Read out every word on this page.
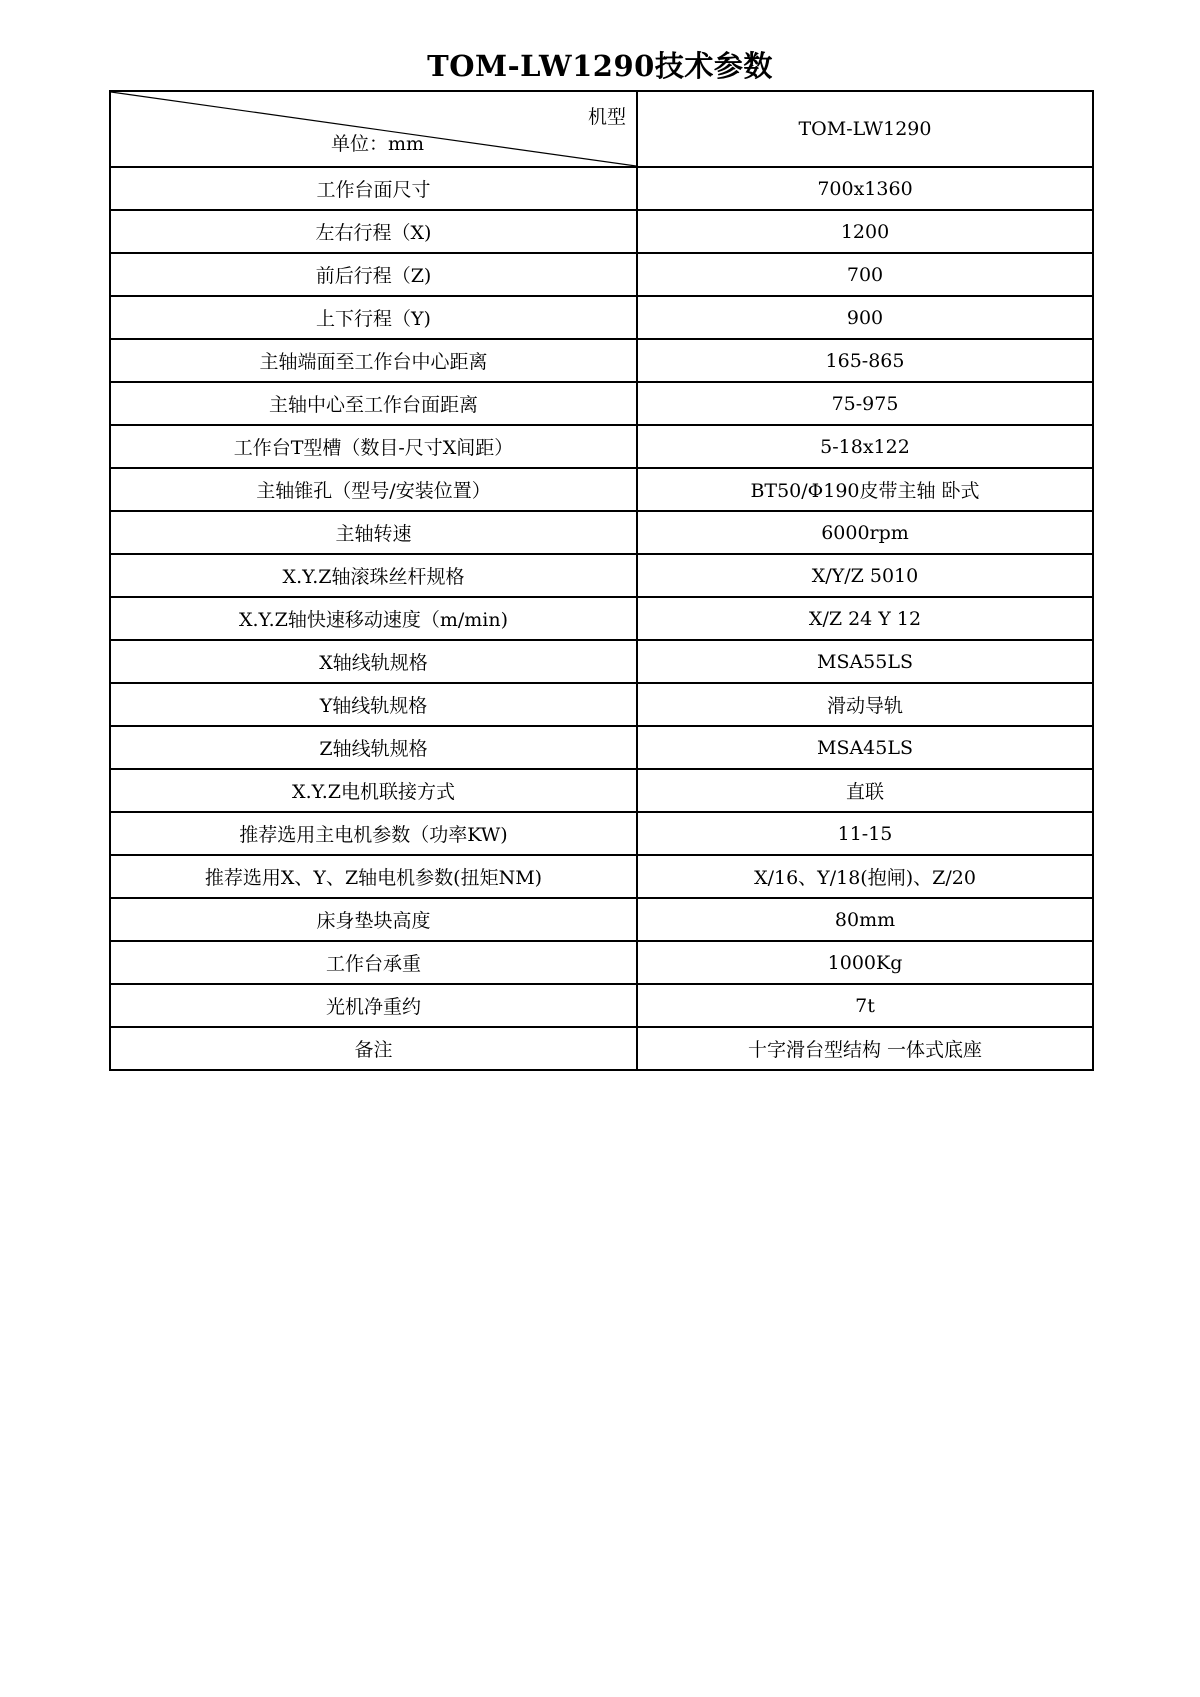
TOM-LW1290技术参数
机型
单位：mm	TOM-LW1290
工作台面尺寸	700x1360
左右行程（X)	1200
前后行程（Z)	700
上下行程（Y)	900
主轴端面至工作台中心距离	165-865
主轴中心至工作台面距离	75-975
工作台T型槽（数目-尺寸X间距）	5-18x122
主轴锥孔（型号/安装位置）	BT50/Φ190皮带主轴 卧式
主轴转速	6000rpm
X.Y.Z轴滚珠丝杆规格	X/Y/Z 5010
X.Y.Z轴快速移动速度（m/min)	X/Z 24 Y 12
X轴线轨规格	MSA55LS
Y轴线轨规格	滑动导轨
Z轴线轨规格	MSA45LS
X.Y.Z电机联接方式	直联
推荐选用主电机参数（功率KW)	11-15
推荐选用X、Y、Z轴电机参数(扭矩NM)	X/16、Y/18(抱闸)、Z/20
床身垫块高度	80mm
工作台承重	1000Kg
光机净重约	7t
备注	十字滑台型结构 一体式底座
